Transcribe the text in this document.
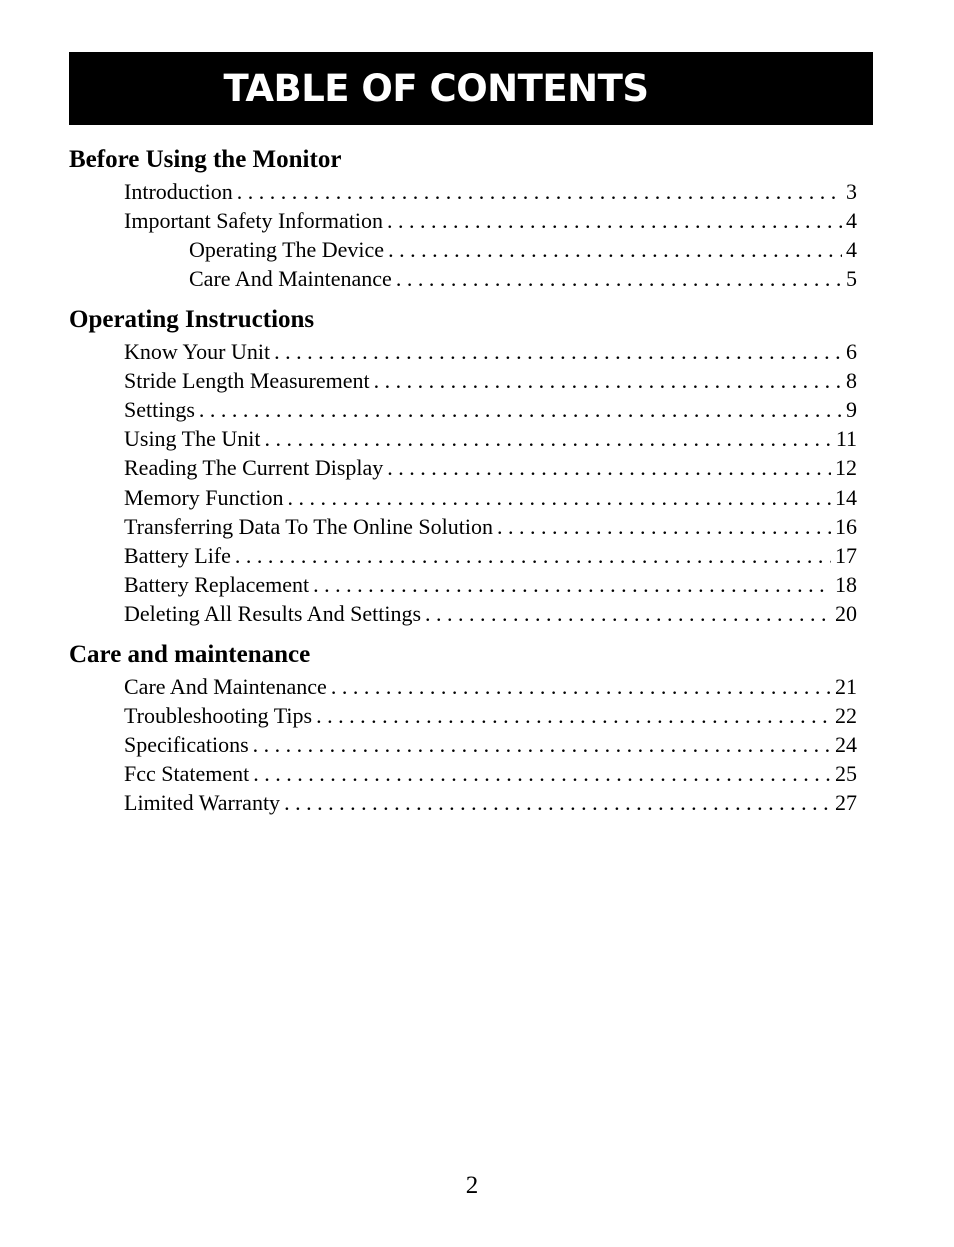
TABLE OF CONTENTS
Before Using the Monitor
Introduction . . .	3
Important Safety Information . . .	4
Operating The Device . . .	4
Care And Maintenance . . .	5
Operating Instructions
Know Your Unit . . .	6
Stride Length Measurement . . .	8
Settings . . .	9
Using The Unit . . .	11
Reading The Current Display . . .	12
Memory Function . . .	14
Transferring Data To The Online Solution . . .	16
Battery Life . . .	17
Battery Replacement . . .	18
Deleting All Results And Settings . . .	20
Care and maintenance
Care And Maintenance . . .	21
Troubleshooting Tips . . .	22
Specifications . . .	24
Fcc Statement . . .	25
Limited Warranty . . .	27
2
